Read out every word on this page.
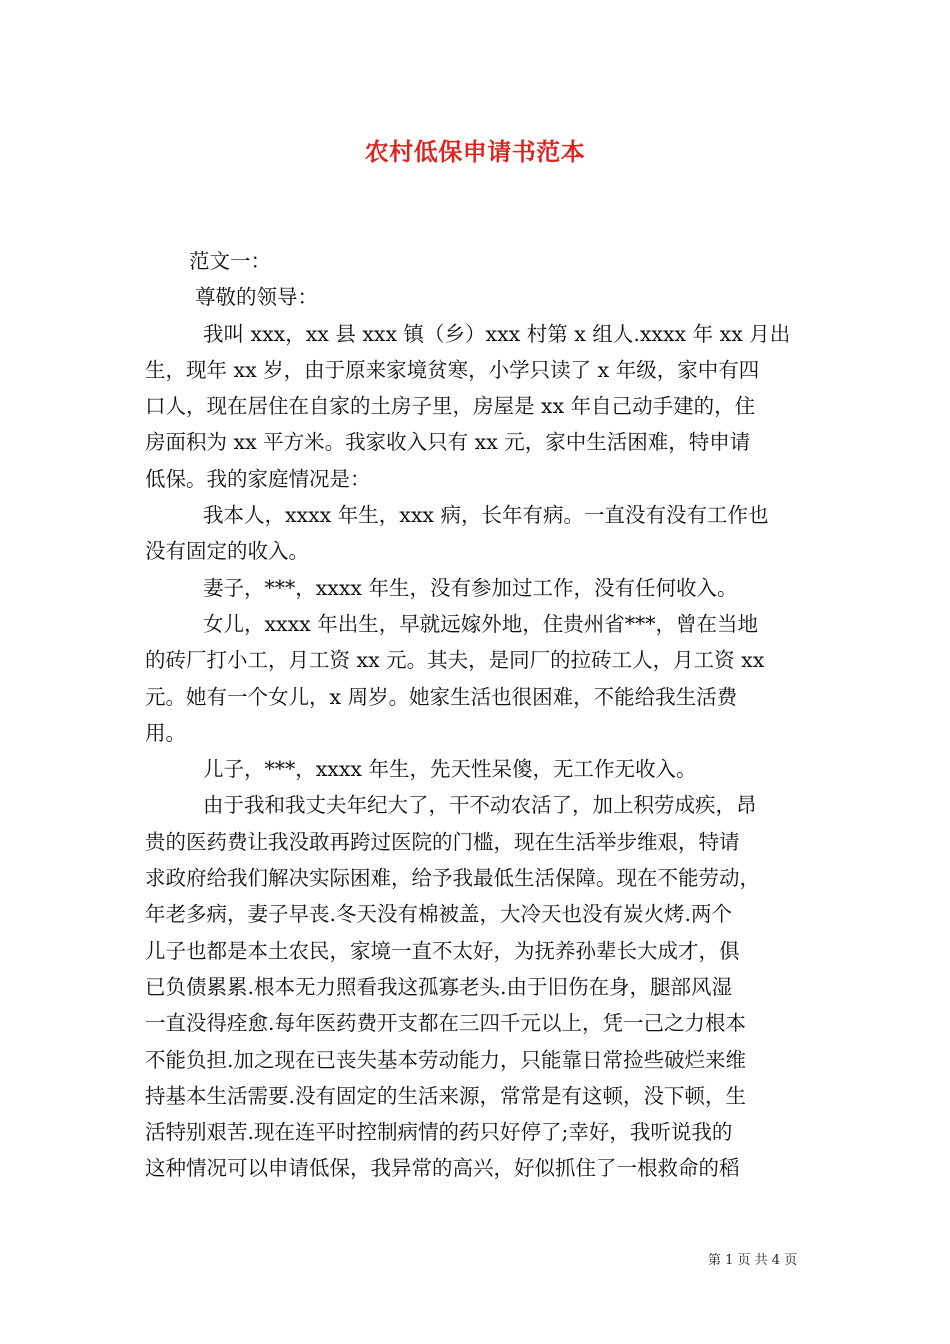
农村低保申请书范本
范文一：
尊敬的领导：
我叫 xxx，xx 县 xxx 镇（乡）xxx 村第 x 组人.xxxx 年 xx 月出
生，现年 xx 岁，由于原来家境贫寒，小学只读了 x 年级，家中有四
口人，现在居住在自家的土房子里，房屋是 xx 年自己动手建的，住
房面积为 xx 平方米。我家收入只有 xx 元，家中生活困难，特申请
低保。我的家庭情况是：
我本人，xxxx 年生，xxx 病，长年有病。一直没有没有工作也
没有固定的收入。
妻子，***，xxxx 年生，没有参加过工作，没有任何收入。
女儿，xxxx 年出生，早就远嫁外地，住贵州省***，曾在当地
的砖厂打小工，月工资 xx 元。其夫，是同厂的拉砖工人，月工资 xx
元。她有一个女儿，x 周岁。她家生活也很困难，不能给我生活费
用。
儿子，***，xxxx 年生，先天性呆傻，无工作无收入。
由于我和我丈夫年纪大了，干不动农活了，加上积劳成疾，昂
贵的医药费让我没敢再跨过医院的门槛，现在生活举步维艰，特请
求政府给我们解决实际困难，给予我最低生活保障。现在不能劳动，
年老多病，妻子早丧.冬天没有棉被盖，大冷天也没有炭火烤.两个
儿子也都是本土农民，家境一直不太好，为抚养孙辈长大成才，俱
已负债累累.根本无力照看我这孤寡老头.由于旧伤在身，腿部风湿
一直没得痊愈.每年医药费开支都在三四千元以上，凭一己之力根本
不能负担.加之现在已丧失基本劳动能力，只能靠日常捡些破烂来维
持基本生活需要.没有固定的生活来源，常常是有这顿，没下顿，生
活特别艰苦.现在连平时控制病情的药只好停了;幸好，我听说我的
这种情况可以申请低保，我异常的高兴，好似抓住了一根救命的稻
第 1 页 共 4 页
